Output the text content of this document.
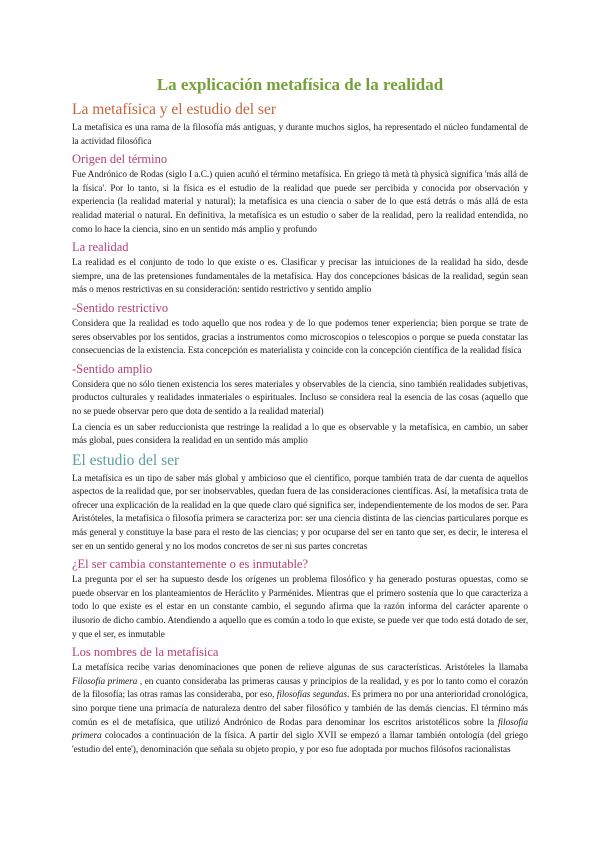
La explicación metafísica de la realidad
La metafísica y el estudio del ser
La metafísica es una rama de la filosofía más antiguas, y durante muchos siglos, ha representado el núcleo fundamental de la actividad filosófica
Origen del término
Fue Andrónico de Rodas (siglo I a.C.) quien acuñó el término metafísica. En griego tà metà tà physicà significa 'más allá de la física'. Por lo tanto, si la física es el estudio de la realidad que puede ser percibida y conocida por observación y experiencia (la realidad material y natural); la metafísica es una ciencia o saber de lo que está detrás o más allá de esta realidad material o natural. En definitiva, la metafísica es un estudio o saber de la realidad, pero la realidad entendida, no como lo hace la ciencia, sino en un sentido más amplio y profundo
La realidad
La realidad es el conjunto de todo lo que existe o es. Clasificar y precisar las intuiciones de la realidad ha sido, desde siempre, una de las pretensiones fundamentales de la metafísica. Hay dos concepciones básicas de la realidad, según sean más o menos restrictivas en su consideración: sentido restrictivo y sentido amplio
-Sentido restrictivo
Considera que la realidad es todo aquello que nos rodea y de lo que podemos tener experiencia; bien porque se trate de seres observables por los sentidos, gracias a instrumentos como microscopios o telescopios o porque se pueda constatar las consecuencias de la existencia. Esta concepción es materialista y coincide con la concepción científica de la realidad física
-Sentido amplio
Considera que no sólo tienen existencia los seres materiales y observables de la ciencia, sino también realidades subjetivas, productos culturales y realidades inmateriales o espirituales. Incluso se considera real la esencia de las cosas (aquello que no se puede observar pero que dota de sentido a la realidad material)
La ciencia es un saber reduccionista que restringe la realidad a lo que es observable y la metafísica, en cambio, un saber más global, pues considera la realidad en un sentido más amplio
El estudio del ser
La metafísica es un tipo de saber más global y ambicioso que el científico, porque también trata de dar cuenta de aquellos aspectos de la realidad que, por ser inobservables, quedan fuera de las consideraciones científicas. Así, la metafísica trata de ofrecer una explicación de la realidad en la que quede claro qué significa ser, independientemente de los modos de ser. Para Aristóteles, la metafísica o filosofía primera se caracteriza por: ser una ciencia distinta de las ciencias particulares porque es más general y constituye la base para el resto de las ciencias; y por ocuparse del ser en tanto que ser, es decir, le interesa el ser en un sentido general y no los modos concretos de ser ni sus partes concretas
¿El ser cambia constantemente o es inmutable?
La pregunta por el ser ha supuesto desde los orígenes un problema filosófico y ha generado posturas opuestas, como se puede observar en los planteamientos de Heráclito y Parménides. Mientras que el primero sostenía que lo que caracteriza a todo lo que existe es el estar en un constante cambio, el segundo afirma que la razón informa del carácter aparente o ilusorio de dicho cambio. Atendiendo a aquello que es común a todo lo que existe, se puede ver que todo está dotado de ser, y que el ser, es inmutable
Los nombres de la metafísica
La metafísica recibe varias denominaciones que ponen de relieve algunas de sus características. Aristóteles la llamaba Filosofía primera , en cuanto consideraba las primeras causas y principios de la realidad, y es por lo tanto como el corazón de la filosofía; las otras ramas las consideraba, por eso, filosofías segundas. Es primera no por una anterioridad cronológica, sino porque tiene una primacía de naturaleza dentro del saber filosófico y también de las demás ciencias. El término más común es el de metafísica, que utilizó Andrónico de Rodas para denominar los escritos aristotélicos sobre la filosofía primera colocados a continuación de la física. A partir del siglo XVII se empezó a llamar también ontología (del griego 'estudio del ente'), denominación que señala su objeto propio, y por eso fue adoptada por muchos filósofos racionalistas
